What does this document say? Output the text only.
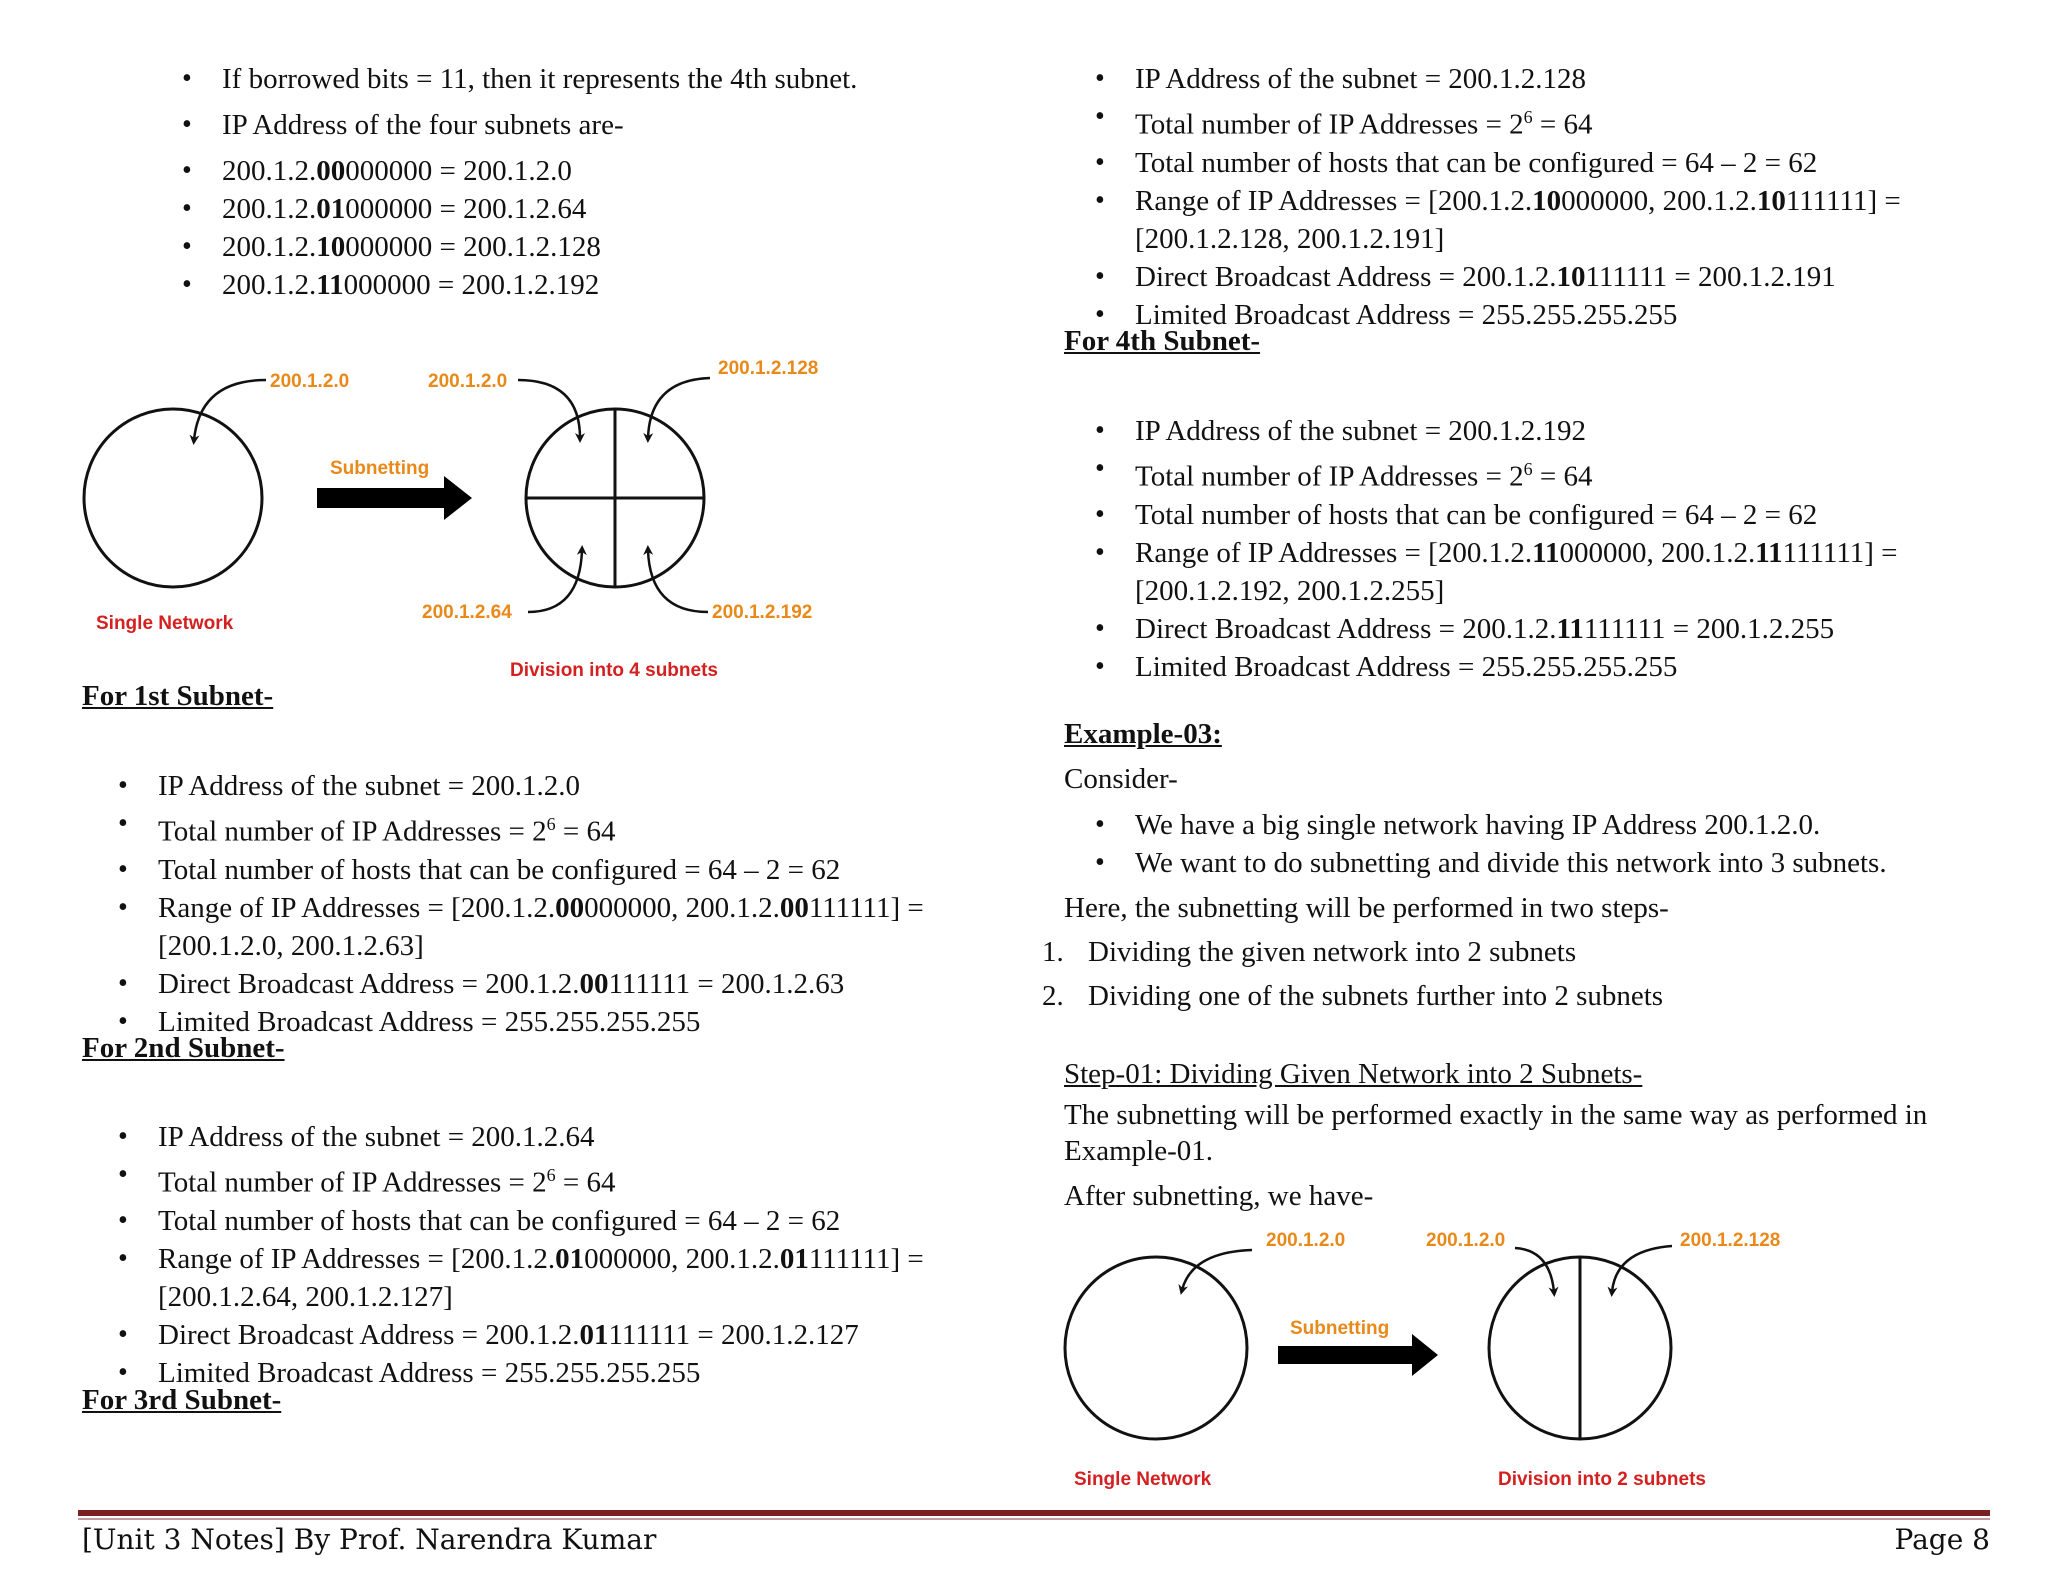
• If borrowed bits = 11, then it represents the 4th subnet.
• IP Address of the four subnets are-
• 200.1.2.00000000 = 200.1.2.0
• 200.1.2.01000000 = 200.1.2.64
• 200.1.2.10000000 = 200.1.2.128
• 200.1.2.11000000 = 200.1.2.192
200.1.2.0
Subnetting
200.1.2.0
200.1.2.128
200.1.2.64	200.1.2.192
Single Network
Division into 4 subnets
For 1st Subnet-
• IP Address of the subnet = 200.1.2.0
• Total number of IP Addresses = $2^6 = 64$
• Total number of hosts that can be configured = 64 – 2 = 62
• Range of IP Addresses = [200.1.2.00000000, 200.1.2.00111111] =
[200.1.2.0, 200.1.2.63]
• Direct Broadcast Address = 200.1.2.00111111 = 200.1.2.63
• Limited Broadcast Address = 255.255.255.255
For 2nd Subnet-
• IP Address of the subnet = 200.1.2.64
• Total number of IP Addresses = $2^6 = 64$
• Total number of hosts that can be configured = 64 – 2 = 62
• Range of IP Addresses = [200.1.2.01000000, 200.1.2.01111111] =
[200.1.2.64, 200.1.2.127]
• Direct Broadcast Address = 200.1.2.01111111 = 200.1.2.127
• Limited Broadcast Address = 255.255.255.255
For 3rd Subnet-
• IP Address of the subnet = 200.1.2.128
• Total number of IP Addresses = $2^6 = 64$
• Total number of hosts that can be configured = 64 – 2 = 62
• Range of IP Addresses = [200.1.2.10000000, 200.1.2.10111111] =
[200.1.2.128, 200.1.2.191]
• Direct Broadcast Address = 200.1.2.10111111 = 200.1.2.191
• Limited Broadcast Address = 255.255.255.255
For 4th Subnet-
• IP Address of the subnet = 200.1.2.192
• Total number of IP Addresses = $2^6 = 64$
• Total number of hosts that can be configured = 64 – 2 = 62
• Range of IP Addresses = [200.1.2.11000000, 200.1.2.11111111] =
[200.1.2.192, 200.1.2.255]
• Direct Broadcast Address = 200.1.2.11111111 = 200.1.2.255
• Limited Broadcast Address = 255.255.255.255
Example-03:
Consider-
• We have a big single network having IP Address 200.1.2.0.
• We want to do subnetting and divide this network into 3 subnets.
Here, the subnetting will be performed in two steps-
1. Dividing the given network into 2 subnets
2. Dividing one of the subnets further into 2 subnets
Step-01: Dividing Given Network into 2 Subnets-
The subnetting will be performed exactly in the same way as performed in Example-01.
After subnetting, we have-
200.1.2.0
Subnetting
200.1.2.0	200.1.2.128
Single Network	Division into 2 subnets
[Unit 3 Notes] By Prof. Narendra Kumar	Page 8
